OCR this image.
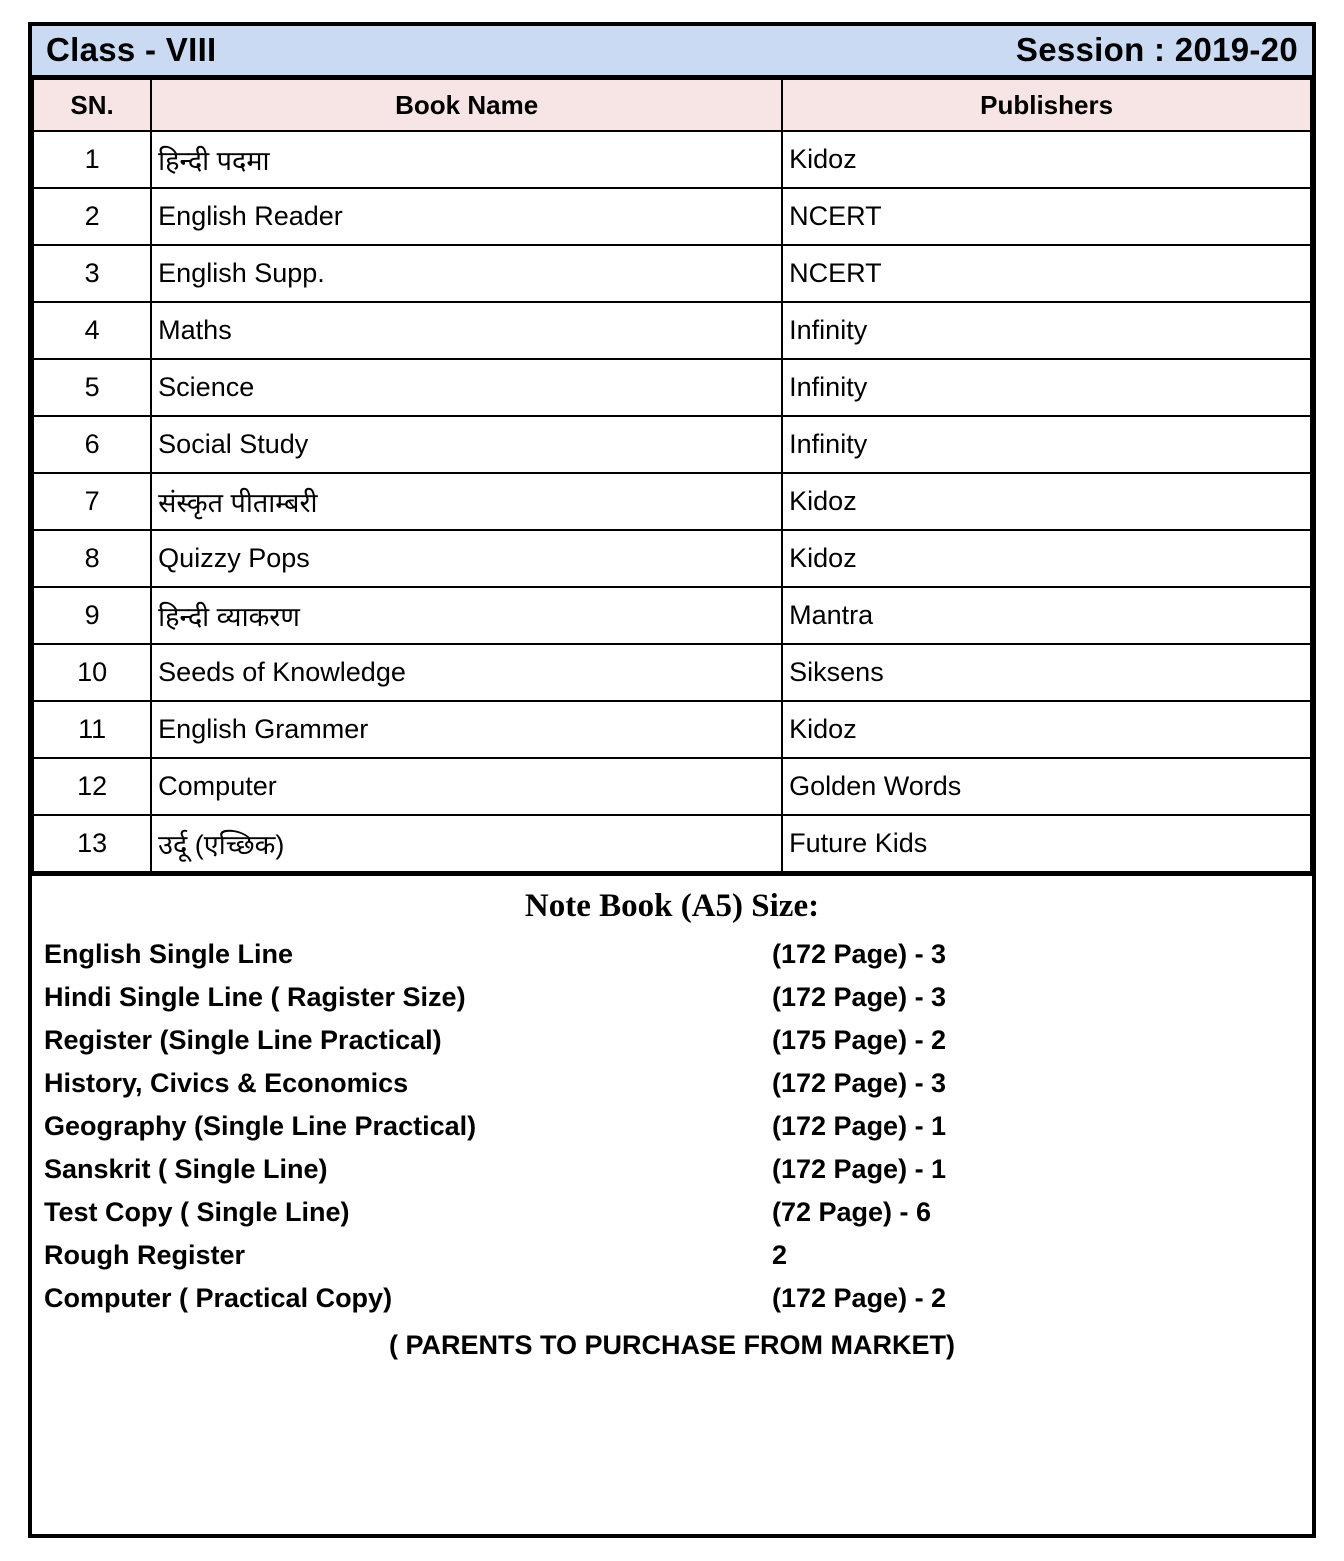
Class - VIII	Session : 2019-20
SN.	Book Name	Publishers
1	हिन्दी पदमा	Kidoz
2	English Reader	NCERT
3	English Supp.	NCERT
4	Maths	Infinity
5	Science	Infinity
6	Social Study	Infinity
7	संस्कृत पीताम्बरी	Kidoz
8	Quizzy Pops	Kidoz
9	हिन्दी व्याकरण	Mantra
10	Seeds of Knowledge	Siksens
11	English Grammer	Kidoz
12	Computer	Golden Words
13	उर्दू (एच्छिक)	Future Kids
Note Book (A5) Size:
English Single Line	(172 Page) - 3
Hindi Single Line ( Ragister Size)	(172 Page) - 3
Register (Single Line Practical)	(175 Page) - 2
History, Civics & Economics	(172 Page) - 3
Geography (Single Line Practical)	(172 Page) - 1
Sanskrit ( Single Line)	(172 Page) - 1
Test Copy ( Single Line)	(72 Page) - 6
Rough Register	2
Computer ( Practical Copy)	(172 Page) - 2
( PARENTS TO PURCHASE FROM MARKET)
